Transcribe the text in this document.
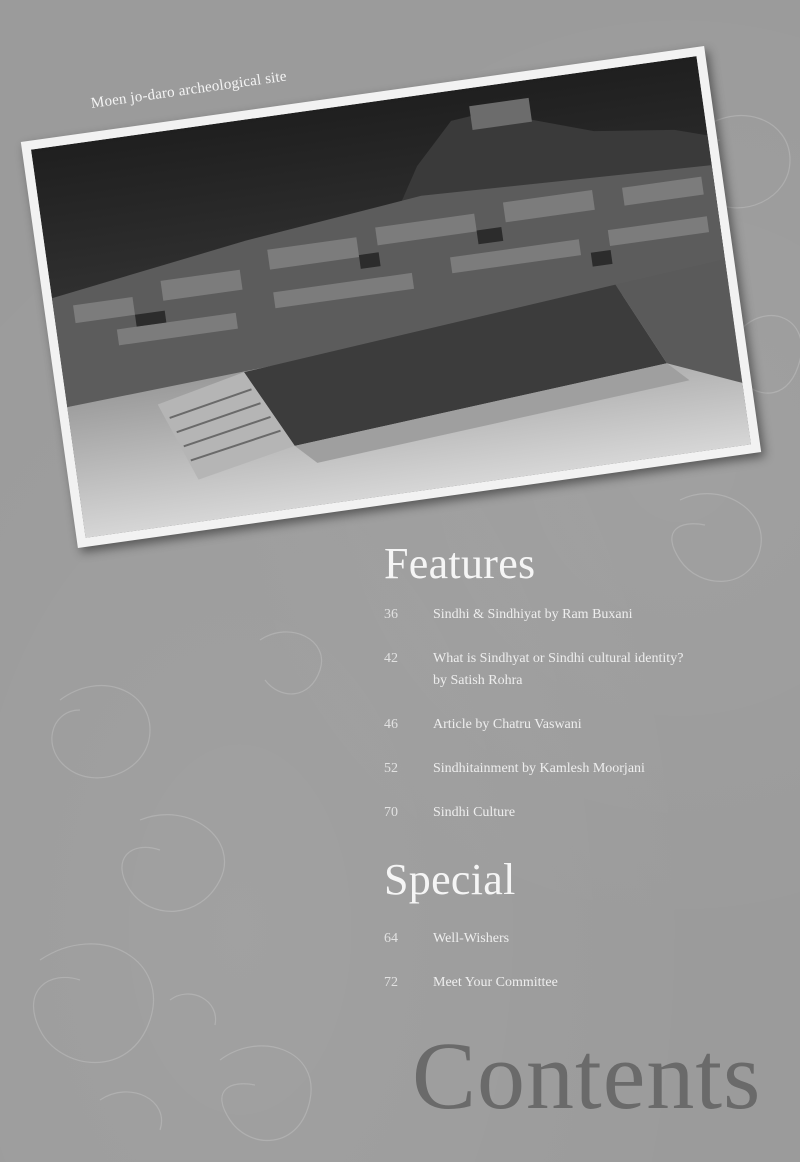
Moen jo-daro archeological site
Features
36	Sindhi & Sindhiyat by Ram Buxani
42	What is Sindhyat or Sindhi cultural identity?
by Satish Rohra
46	Article by Chatru Vaswani
52	Sindhitainment by Kamlesh Moorjani
70	Sindhi Culture
Special
64	Well-Wishers
72	Meet Your Committee
Contents
